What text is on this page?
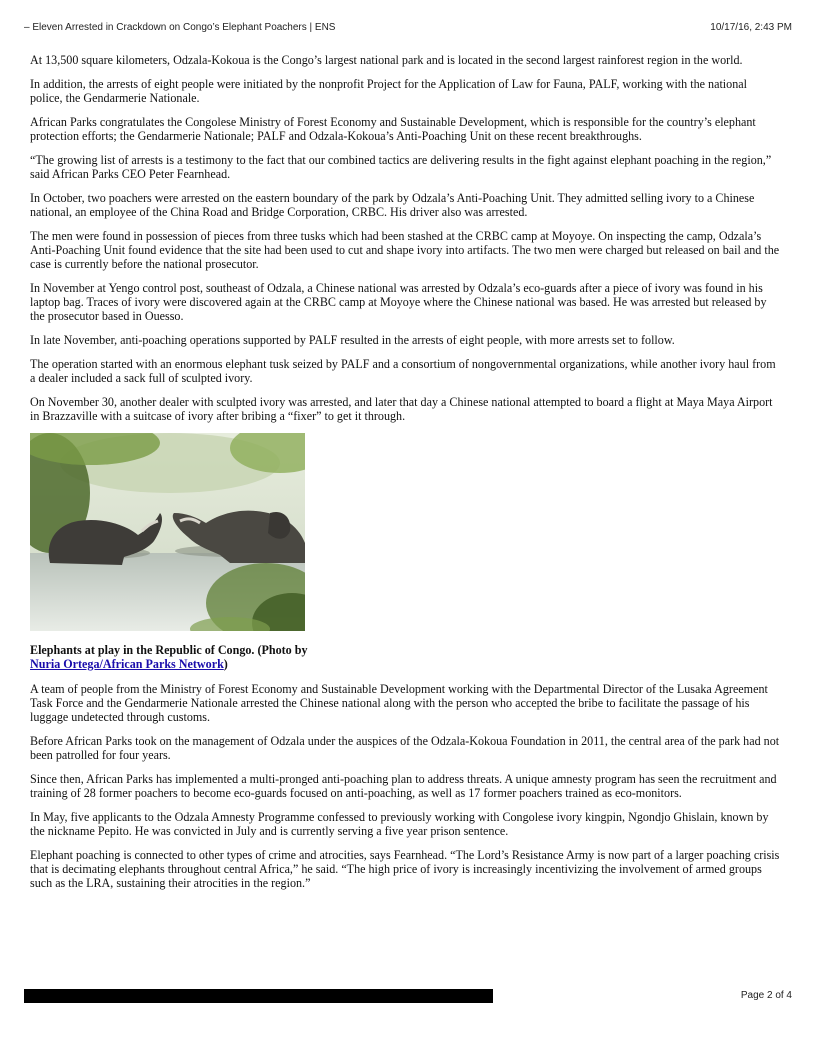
– Eleven Arrested in Crackdown on Congo’s Elephant Poachers | ENS	10/17/16, 2:43 PM

At 13,500 square kilometers, Odzala-Kokoua is the Congo’s largest national park and is located in the second largest rainforest region in the world.

In addition, the arrests of eight people were initiated by the nonprofit Project for the Application of Law for Fauna, PALF, working with the national police, the Gendarmerie Nationale.

African Parks congratulates the Congolese Ministry of Forest Economy and Sustainable Development, which is responsible for the country’s elephant protection efforts; the Gendarmerie Nationale; PALF and Odzala-Kokoua’s Anti-Poaching Unit on these recent breakthroughs.

“The growing list of arrests is a testimony to the fact that our combined tactics are delivering results in the fight against elephant poaching in the region,” said African Parks CEO Peter Fearnhead.

In October, two poachers were arrested on the eastern boundary of the park by Odzala’s Anti-Poaching Unit. They admitted selling ivory to a Chinese national, an employee of the China Road and Bridge Corporation, CRBC. His driver also was arrested.

The men were found in possession of pieces from three tusks which had been stashed at the CRBC camp at Moyoye. On inspecting the camp, Odzala’s Anti-Poaching Unit found evidence that the site had been used to cut and shape ivory into artifacts. The two men were charged but released on bail and the case is currently before the national prosecutor.

In November at Yengo control post, southeast of Odzala, a Chinese national was arrested by Odzala’s eco-guards after a piece of ivory was found in his laptop bag. Traces of ivory were discovered again at the CRBC camp at Moyoye where the Chinese national was based. He was arrested but released by the prosecutor based in Ouesso.

In late November, anti-poaching operations supported by PALF resulted in the arrests of eight people, with more arrests set to follow.

The operation started with an enormous elephant tusk seized by PALF and a consortium of nongovernmental organizations, while another ivory haul from a dealer included a sack full of sculpted ivory.

On November 30, another dealer with sculpted ivory was arrested, and later that day a Chinese national attempted to board a flight at Maya Maya Airport in Brazzaville with a suitcase of ivory after bribing a “fixer” to get it through.

Elephants at play in the Republic of Congo. (Photo by Nuria Ortega/African Parks Network)

A team of people from the Ministry of Forest Economy and Sustainable Development working with the Departmental Director of the Lusaka Agreement Task Force and the Gendarmerie Nationale arrested the Chinese national along with the person who accepted the bribe to facilitate the passage of his luggage undetected through customs.

Before African Parks took on the management of Odzala under the auspices of the Odzala-Kokoua Foundation in 2011, the central area of the park had not been patrolled for four years.

Since then, African Parks has implemented a multi-pronged anti-poaching plan to address threats. A unique amnesty program has seen the recruitment and training of 28 former poachers to become eco-guards focused on anti-poaching, as well as 17 former poachers trained as eco-monitors.

In May, five applicants to the Odzala Amnesty Programme confessed to previously working with Congolese ivory kingpin, Ngondjo Ghislain, known by the nickname Pepito. He was convicted in July and is currently serving a five year prison sentence.

Elephant poaching is connected to other types of crime and atrocities, says Fearnhead. “The Lord’s Resistance Army is now part of a larger poaching crisis that is decimating elephants throughout central Africa,” he said. “The high price of ivory is increasingly incentivizing the involvement of armed groups such as the LRA, sustaining their atrocities in the region.”

Page 2 of 4
